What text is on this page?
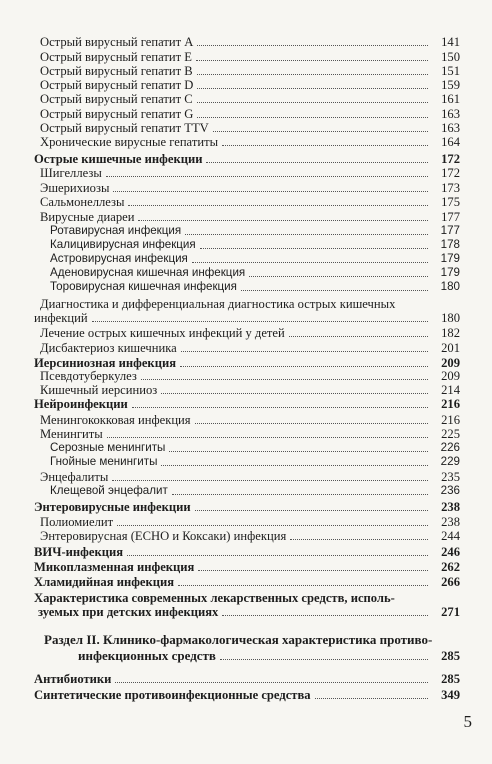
Острый вирусный гепатит A	141
Острый вирусный гепатит E	150
Острый вирусный гепатит B	151
Острый вирусный гепатит D	159
Острый вирусный гепатит C	161
Острый вирусный гепатит G	163
Острый вирусный гепатит TTV	163
Хронические вирусные гепатиты	164
Острые кишечные инфекции	172
Шигеллезы	172
Эшерихиозы	173
Сальмонеллезы	175
Вирусные диареи	177
Ротавирусная инфекция	177
Калицивирусная инфекция	178
Астровирусная инфекция	179
Аденовирусная кишечная инфекция	179
Торовирусная кишечная инфекция	180
Диагностика и дифференциальная диагностика острых кишечных
инфекций	180
Лечение острых кишечных инфекций у детей	182
Дисбактериоз кишечника	201
Иерсиниозная инфекция	209
Псевдотуберкулез	209
Кишечный иерсиниоз	214
Нейроинфекции	216
Менингококковая инфекция	216
Менингиты	225
Серозные менингиты	226
Гнойные менингиты	229
Энцефалиты	235
Клещевой энцефалит	236
Энтеровирусные инфекции	238
Полиомиелит	238
Энтеровирусная (ECHO и Коксаки) инфекция	244
ВИЧ-инфекция	246
Микоплазменная инфекция	262
Хламидийная инфекция	266
Характеристика современных лекарственных средств, исполь-
зуемых при детских инфекциях	271
Раздел II. Клинико-фармакологическая характеристика противо-
инфекционных средств	285
Антибиотики	285
Синтетические противоинфекционные средства	349
5
